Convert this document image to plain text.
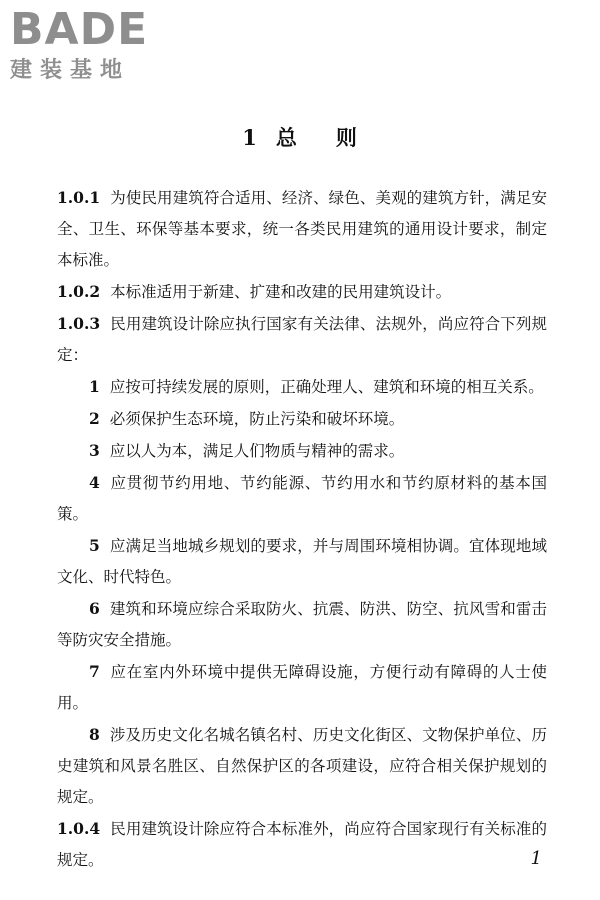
BADE
建装基地
1 总 则

1.0.1 为使民用建筑符合适用、经济、绿色、美观的建筑方针，满足安全、卫生、环保等基本要求，统一各类民用建筑的通用设计要求，制定本标准。

1.0.2 本标准适用于新建、扩建和改建的民用建筑设计。

1.0.3 民用建筑设计除应执行国家有关法律、法规外，尚应符合下列规定：

1 应按可持续发展的原则，正确处理人、建筑和环境的相互关系。

2 必须保护生态环境，防止污染和破坏环境。

3 应以人为本，满足人们物质与精神的需求。

4 应贯彻节约用地、节约能源、节约用水和节约原材料的基本国策。

5 应满足当地城乡规划的要求，并与周围环境相协调。宜体现地域文化、时代特色。

6 建筑和环境应综合采取防火、抗震、防洪、防空、抗风雪和雷击等防灾安全措施。

7 应在室内外环境中提供无障碍设施，方便行动有障碍的人士使用。

8 涉及历史文化名城名镇名村、历史文化街区、文物保护单位、历史建筑和风景名胜区、自然保护区的各项建设，应符合相关保护规划的规定。

1.0.4 民用建筑设计除应符合本标准外，尚应符合国家现行有关标准的规定。	1
